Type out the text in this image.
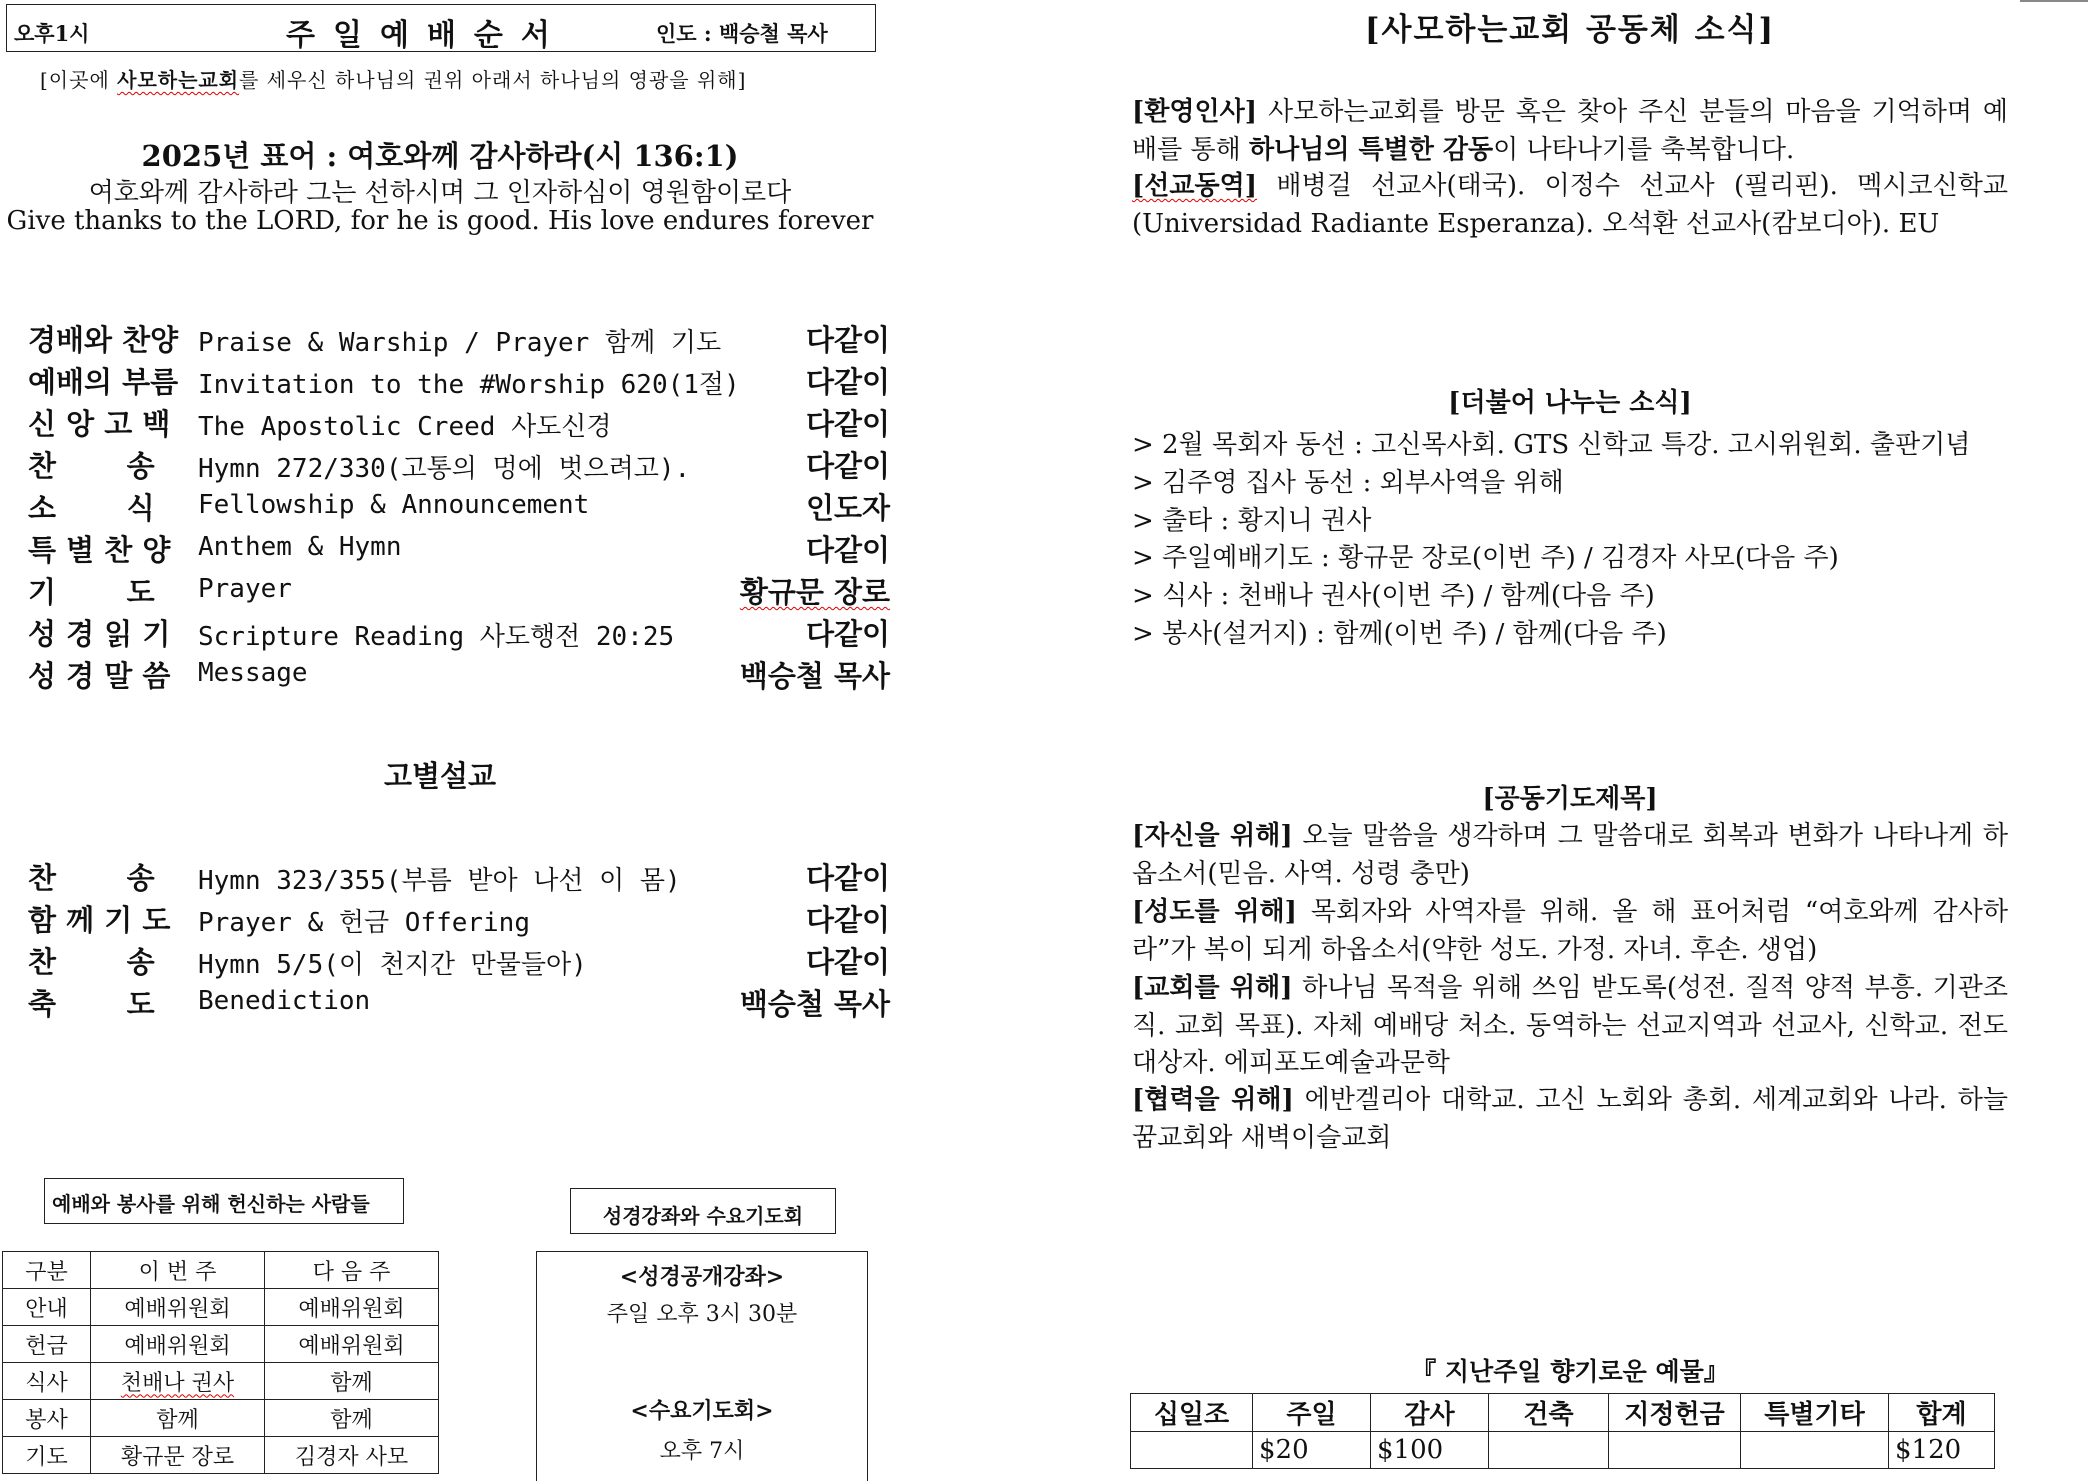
오후1시	주일예배순서	인도 : 백승철 목사
[이곳에 사모하는교회를 세우신 하나님의 권위 아래서 하나님의 영광을 위해]
2025년 표어 : 여호와께 감사하라(시 136:1)
여호와께 감사하라 그는 선하시며 그 인자하심이 영원함이로다
Give thanks to the LORD, for he is good. His love endures forever
경배와 찬양 Praise & Warship / Prayer 함께 기도	다같이
예배의 부름 Invitation to the #Worship 620(1절) 다같이
신 앙 고 백 The Apostolic Creed 사도신경	다같이
찬       송 Hymn 272/330(고통의 멍에 벗으려고).	다같이
소       식 Fellowship & Announcement	인도자
특 별 찬 양 Anthem & Hymn	다같이
기       도 Prayer	황규문 장로
성 경 읽 기 Scripture Reading 사도행전 20:25	다같이
성 경 말 씀 Message	백승철 목사
고별설교
찬       송 Hymn 323/355(부름 받아 나선 이 몸)	다같이
함 께 기 도 Prayer & 헌금 Offering	다같이
찬       송 Hymn 5/5(이 천지간 만물들아)	다같이
축       도 Benediction	백승철 목사
예배와 봉사를 위해 헌신하는 사람들
구분	이 번 주	다 음 주
안내	예배위원회	예배위원회
헌금	예배위원회	예배위원회
식사	천배나 권사	함께
봉사	함께	함께
기도	황규문 장로	김경자 사모
성경강좌와 수요기도회
<성경공개강좌>
주일 오후 3시 30분
<수요기도회>
오후 7시
[사모하는교회 공동체 소식]
[환영인사] 사모하는교회를 방문 혹은 찾아 주신 분들의 마음을 기억하며 예배를 통해 하나님의 특별한 감동이 나타나기를 축복합니다.
[선교동역] 배병걸 선교사(태국). 이정수 선교사 (필리핀). 멕시코신학교(Universidad Radiante Esperanza). 오석환 선교사(캄보디아). EU
[더불어 나누는 소식]
> 2월 목회자 동선 : 고신목사회. GTS 신학교 특강. 고시위원회. 출판기념
> 김주영 집사 동선 : 외부사역을 위해
> 출타 : 황지니 권사
> 주일예배기도 : 황규문 장로(이번 주) / 김경자 사모(다음 주)
> 식사 : 천배나 권사(이번 주) / 함께(다음 주)
> 봉사(설거지) : 함께(이번 주) / 함께(다음 주)
[공동기도제목]
[자신을 위해] 오늘 말씀을 생각하며 그 말씀대로 회복과 변화가 나타나게 하옵소서(믿음. 사역. 성령 충만)
[성도를 위해] 목회자와 사역자를 위해. 올 해 표어처럼 “여호와께 감사하라”가 복이 되게 하옵소서(약한 성도. 가정. 자녀. 후손. 생업)
[교회를 위해] 하나님 목적을 위해 쓰임 받도록(성전. 질적 양적 부흥. 기관조직. 교회 목표). 자체 예배당 처소. 동역하는 선교지역과 선교사, 신학교. 전도대상자. 에피포도예술과문학
[협력을 위해] 에반겔리아 대학교. 고신 노회와 총회. 세계교회와 나라. 하늘꿈교회와 새벽이슬교회
『 지난주일 향기로운 예물』
십일조	주일	감사	건축	지정헌금	특별기타	합계
	$20	$100				$120
